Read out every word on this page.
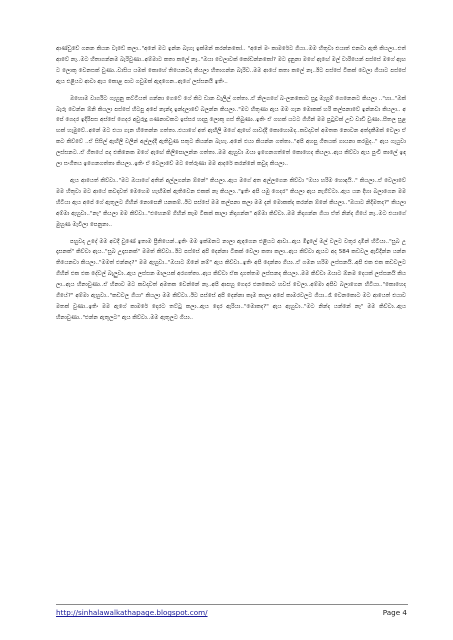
ආණ්ඩුවේ ගනන කියන වැඩේ කලා.."අනේ මට ඉන්න බැහැ ඉක්මන් කරන්නකෝ.. "අනේ මං කාමරේට ගියා..මම හිතුවා එයාත් එනවා ඇති කියලා..එත් ආවේ නෑ..මට හිතාගන්නම බැරිවුණා..අම්මාට කතා කලේ නෑ.."ඔයා වෙලාවක් කෝඩන්නකෝ? මට දැනුනා මගේ ඇඟේ මල් වාරියෙන් පස්සේ මගේ ඇඟට ලොකු වෙනසක් වුණා..වාසිය යමක් කොහේ තියෙනවද කියලා හිතාගන්න බැරිව..මම ආයේ කතා කලේ නෑ..ඊට පස්සේ ටිකක් වෙලා ගියාට පස්සේ ඇය එළියට ආවා ඇය කොළ පාට ගවුමක් ඇඳගෙන..ඇගේ ලස්සනයි ඉතිං..

ඔහොම වාර්ගිට ගැහුනු කට්ටියත් ගන්නා ගෙටේ ගේ කිට ඩාන වැලිල් ගත්තා..ඒ නිලගගේ බ-ලනකොට සුදු මැහුම් ගෙනෙනට කියලා .."හා.."ඔක් බැරු වෙන්න ඕනි කියලා පස්සේ හිටපු අපේ නැන්දා ඉන්දලාවේ බලන්න කියලා.."මට හිතුණා ඇය මම ගැන මොකක් හරි කල්පනාවේ ඉන්නවා කියලා.. අපේ ගෙදර ඉදිරිපස අස්සේ ගෙදර අවුරුදු ගණනාවකට ඉස්සර හදපු ලොකු ගස් තිබුණා..ඉතිං ඒ ගහක් යටට ගිහින් මම පුටුවක් උඩ වාඩි වුණා..සීතල සුළඟක් හැමුවේ..අනේ මට එයා ගැන හිතෙන්න ගත්තා..එයාගේ අත් ඇඟිලි මගේ ඇඟේ ගාවද්දි කොහොමද..කවදාවත් අමතක නොවන අත්දැකීමක් වෙලා ඒකට කිව්වේ ..ඒ සිසිල් ඇඟිලි වලින් අල්ලද්දි ඇතිවුණ සතුට කියන්න බැහැ..අනේ එයා කියන්න ගත්තා.."අපි අහපු ගීතයක් ගායනා කරමුද.." ඇය ගැයුවා ලස්සනට..ඒ ගීතයේ පද එකිනෙක මගේ ඇඟේ කිලිපොලන්න ගත්තා..මම ඇහුවා ඔයා ඉගෙනගත්තේ කොහෙද කියලා..ඇය කිව්වා ඇය පුංචි කාලේ ඉඳලා සංගීතය ඉගෙනගත්තා කියලා..ඉතිං ඒ වෙලාවේ මට තේරුණා මම ආදරේ කරන්නේ කවුද කියලා..

ඇය ආයෙත් කිව්වා.."මට ඔයාගේ අතින් අල්ලගන්න ඕනේ" කියලා..ඇය මගේ අත අල්ලගෙන කිව්වා "ඔයා හරිම හොඳයි.." කියලා..ඒ වෙලාවේ මම හිතුවා මට ආයේ කවදාවත් මෙහෙම හැඟීමක් ඇතිවෙන එකක් නෑ කියලා.."ඉතිං අපි යමු ගෙදර" කියලා ඇය නැගිට්ටා..ඇය යන දිහා බලාගෙන මම හිටියා ඇය අපේ ගේ ඇතුලට ගිහින් නොපෙනී යනකම්..ඊට පස්සේ මම කල්පනා කලා මම දැන් මොකක්ද කරන්න ඕනේ කියලා.."ඔයාට නිදිමතද?" කියලා අම්මා ඇහුවා.."නෑ" කියලා මම කිව්වා.."එහෙනම් ගිහින් කෑම ටිකක් කාලා නිදාගන්න" අම්මා කිව්වා..මම නිදාගන්න ගියා ඒත් නින්ද ගියේ නෑ..මට එයාගේ මුහුණ මැවිලා පෙනුනා..

පහුවදා උදේ මම අවදි වුණේ ඉතාම ප්‍රීතියෙන්..ඉතිං මම ඉක්මනට නාලා ඇඳගෙන එළියට ආවා..ඇය මිදුලේ මල් වලට වතුර දාමින් හිටියා.."සුබ උදෑසනක්" කිව්වා ඇය.."සුබ උදෑසනක්" මමත් කිව්වා..ඊට පස්සේ අපි දෙන්නා ටිකක් වෙලා කතා කලා..ඇය කිව්වා ඇයට අද 584 කඩවල ඇවිදින්න යන්න තියෙනවා කියලා.."මමත් එන්නද?" මම ඇහුවා.."ඔයාට ඕනේ නම්" ඇය කිව්වා..ඉතිං අපි දෙන්නා ගියා..ඒ ගමන හරිම ලස්සනයි..අපි එක එක කඩවලට ගිහින් එක එක දේවල් බැලුවා..ඇය ලස්සන මාලයක් අරගත්තා..ඇය කිව්වා ඒක දාගත්තම ලස්සනද කියලා..මම කිව්වා ඔයාට ඕනම දෙයක් ලස්සනයි කියලා..ඇය හිනාවුණා..ඒ හිනාව මට කවදාවත් අමතක වෙන්නේ නෑ..අපි ආපහු ගෙදර එනකොට හවස් වෙලා..අම්මා අපිව බලාගෙන හිටියා.."කොහෙද ගියේ?" අම්මා ඇහුවා.."කඩවල ගියා" කියලා මම කිව්වා..ඊට පස්සේ අපි දෙන්නා කෑම කාලා අපේ කාමරවලට ගියා..රෑ වෙනකොට මට ආයෙත් එයාව මතක් වුණා..ඉතිං මම ඇගේ කාමරේ දොරට තට්ටු කලා..ඇය දොර ඇරියා.."මොකද?" ඇය ඇහුවා.."මට නින්ද යන්නේ නෑ" මම කිව්වා..ඇය හිනාවුණා.."එන්න ඇතුලට" ඇය කිව්වා..මම ඇතුලට ගියා..

http://sinhalawalkathapage.blogspot.com/	Page 4
